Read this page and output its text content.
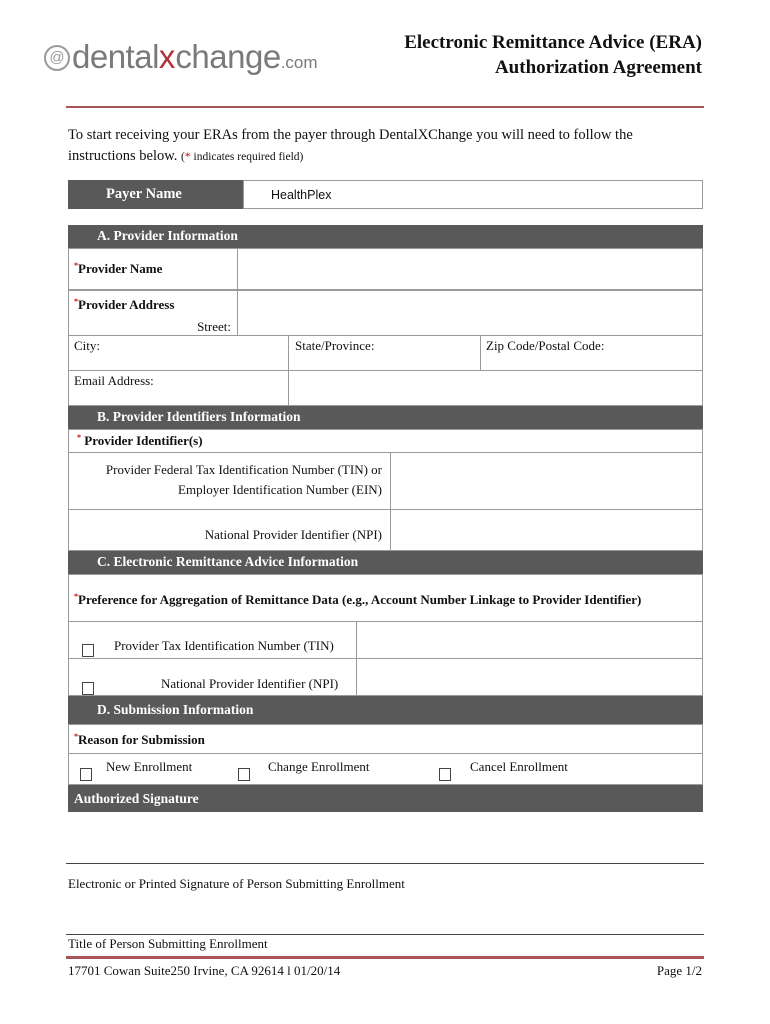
@ dentalxchange.com
Electronic Remittance Advice (ERA)
Authorization Agreement
To start receiving your ERAs from the payer through DentalXChange you will need to follow the
instructions below. (* indicates required field)
Payer Name	HealthPlex
A. Provider Information
*Provider Name
*Provider Address
Street:
City:	State/Province:	Zip Code/Postal Code:
Email Address:
B. Provider Identifiers Information
* Provider Identifier(s)
Provider Federal Tax Identification Number (TIN) or
Employer Identification Number (EIN)
National Provider Identifier (NPI)
C. Electronic Remittance Advice Information
*Preference for Aggregation of Remittance Data (e.g., Account Number Linkage to Provider Identifier)
Provider Tax Identification Number (TIN)
National Provider Identifier (NPI)
D. Submission Information
*Reason for Submission
New Enrollment	Change Enrollment	Cancel Enrollment
Authorized Signature
Electronic or Printed Signature of Person Submitting Enrollment
Title of Person Submitting Enrollment
17701 Cowan Suite250 Irvine, CA 92614 l 01/20/14	Page 1/2
